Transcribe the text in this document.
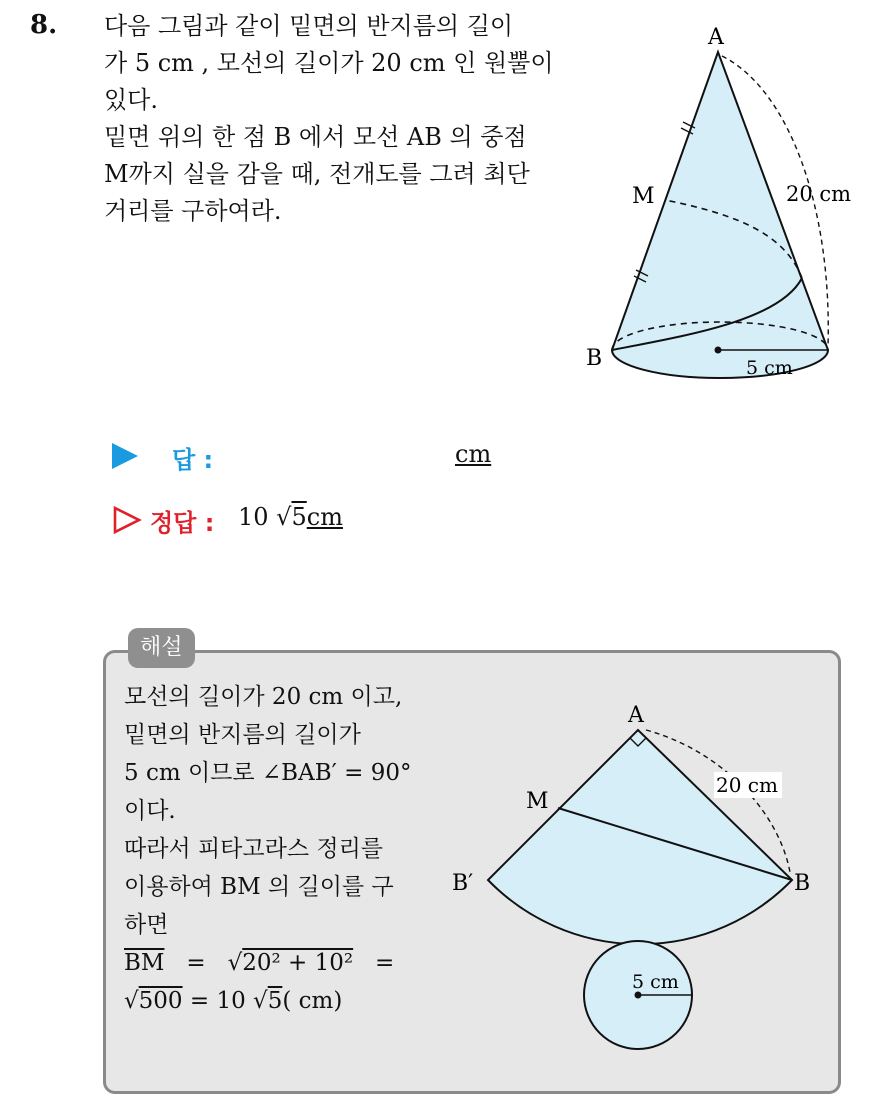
8. 다음 그림과 같이 밑면의 반지름의 길이
가 5 cm , 모선의 길이가 20 cm 인 원뿔이
있다.
밑면 위의 한 점 B 에서 모선 AB 의 중점
M까지 실을 감을 때, 전개도를 그려 최단
거리를 구하여라.
A
M
B
20 cm
5 cm
답 :	cm
정답 : 10 √5cm
해설
모선의 길이가 20 cm 이고,
밑면의 반지름의 길이가
5 cm 이므로 ∠BAB′ = 90°
이다.
따라서 피타고라스 정리를
이용하여 BM 의 길이를 구
하면
$\overline{BM} = √20^2 + 10^2$   =
√500 = 10 √5( cm)
A
M
B′	B
20 cm
5 cm
